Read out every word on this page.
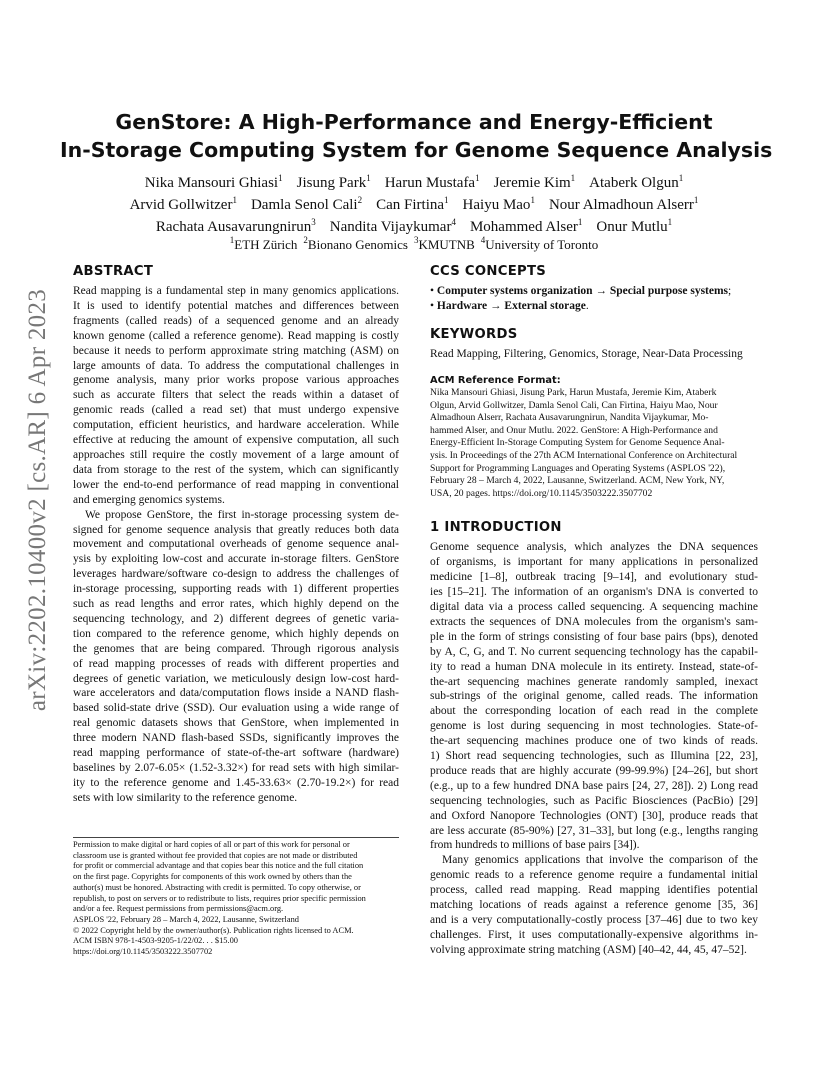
arXiv:2202.10400v2 [cs.AR] 6 Apr 2023
GenStore: A High-Performance and Energy-Efficient
In-Storage Computing System for Genome Sequence Analysis
Nika Mansouri Ghiasi$^1$ Jisung Park$^1$ Harun Mustafa$^1$ Jeremie Kim$^1$ Ataberk Olgun$^1$
Arvid Gollwitzer$^1$ Damla Senol Cali$^2$ Can Firtina$^1$ Haiyu Mao$^1$ Nour Almadhoun Alserr$^1$
Rachata Ausavarungnirun$^3$ Nandita Vijaykumar$^4$ Mohammed Alser$^1$ Onur Mutlu$^1$
$^1$ETH Zürich $^2$Bionano Genomics $^3$KMUTNB $^4$University of Toronto
ABSTRACT

Read mapping is a fundamental step in many genomics applications.
It is used to identify potential matches and differences between
fragments (called reads) of a sequenced genome and an already
known genome (called a reference genome). Read mapping is costly
because it needs to perform approximate string matching (ASM) on
large amounts of data. To address the computational challenges in
genome analysis, many prior works propose various approaches
such as accurate filters that select the reads within a dataset of
genomic reads (called a read set) that must undergo expensive
computation, efficient heuristics, and hardware acceleration. While
effective at reducing the amount of expensive computation, all such
approaches still require the costly movement of a large amount of
data from storage to the rest of the system, which can significantly
lower the end-to-end performance of read mapping in conventional
and emerging genomics systems.

We propose GenStore, the first in-storage processing system de-
signed for genome sequence analysis that greatly reduces both data
movement and computational overheads of genome sequence anal-
ysis by exploiting low-cost and accurate in-storage filters. GenStore
leverages hardware/software co-design to address the challenges of
in-storage processing, supporting reads with 1) different properties
such as read lengths and error rates, which highly depend on the
sequencing technology, and 2) different degrees of genetic varia-
tion compared to the reference genome, which highly depends on
the genomes that are being compared. Through rigorous analysis
of read mapping processes of reads with different properties and
degrees of genetic variation, we meticulously design low-cost hard-
ware accelerators and data/computation flows inside a NAND flash-
based solid-state drive (SSD). Our evaluation using a wide range of
real genomic datasets shows that GenStore, when implemented in
three modern NAND flash-based SSDs, significantly improves the
read mapping performance of state-of-the-art software (hardware)
baselines by 2.07-6.05× (1.52-3.32×) for read sets with high similar-
ity to the reference genome and 1.45-33.63× (2.70-19.2×) for read
sets with low similarity to the reference genome.

Permission to make digital or hard copies of all or part of this work for personal or
classroom use is granted without fee provided that copies are not made or distributed
for profit or commercial advantage and that copies bear this notice and the full citation
on the first page. Copyrights for components of this work owned by others than the
author(s) must be honored. Abstracting with credit is permitted. To copy otherwise, or
republish, to post on servers or to redistribute to lists, requires prior specific permission
and/or a fee. Request permissions from permissions@acm.org.
ASPLOS '22, February 28 – March 4, 2022, Lausanne, Switzerland
© 2022 Copyright held by the owner/author(s). Publication rights licensed to ACM.
ACM ISBN 978-1-4503-9205-1/22/02. . . $15.00
https://doi.org/10.1145/3503222.3507702
CCS CONCEPTS
• Computer systems organization → Special purpose systems;
• Hardware → External storage.
KEYWORDS
Read Mapping, Filtering, Genomics, Storage, Near-Data Processing
ACM Reference Format:
Nika Mansouri Ghiasi, Jisung Park, Harun Mustafa, Jeremie Kim, Ataberk
Olgun, Arvid Gollwitzer, Damla Senol Cali, Can Firtina, Haiyu Mao, Nour
Almadhoun Alserr, Rachata Ausavarungnirun, Nandita Vijaykumar, Mo-
hammed Alser, and Onur Mutlu. 2022. GenStore: A High-Performance and
Energy-Efficient In-Storage Computing System for Genome Sequence Anal-
ysis. In Proceedings of the 27th ACM International Conference on Architectural
Support for Programming Languages and Operating Systems (ASPLOS '22),
February 28 – March 4, 2022, Lausanne, Switzerland. ACM, New York, NY,
USA, 20 pages. https://doi.org/10.1145/3503222.3507702
1 INTRODUCTION

Genome sequence analysis, which analyzes the DNA sequences
of organisms, is important for many applications in personalized
medicine [1–8], outbreak tracing [9–14], and evolutionary stud-
ies [15–21]. The information of an organism's DNA is converted to
digital data via a process called sequencing. A sequencing machine
extracts the sequences of DNA molecules from the organism's sam-
ple in the form of strings consisting of four base pairs (bps), denoted
by A, C, G, and T. No current sequencing technology has the capabil-
ity to read a human DNA molecule in its entirety. Instead, state-of-
the-art sequencing machines generate randomly sampled, inexact
sub-strings of the original genome, called reads. The information
about the corresponding location of each read in the complete
genome is lost during sequencing in most technologies. State-of-
the-art sequencing machines produce one of two kinds of reads.
1) Short read sequencing technologies, such as Illumina [22, 23],
produce reads that are highly accurate (99-99.9%) [24–26], but short
(e.g., up to a few hundred DNA base pairs [24, 27, 28]). 2) Long read
sequencing technologies, such as Pacific Biosciences (PacBio) [29]
and Oxford Nanopore Technologies (ONT) [30], produce reads that
are less accurate (85-90%) [27, 31–33], but long (e.g., lengths ranging
from hundreds to millions of base pairs [34]).

Many genomics applications that involve the comparison of the
genomic reads to a reference genome require a fundamental initial
process, called read mapping. Read mapping identifies potential
matching locations of reads against a reference genome [35, 36]
and is a very computationally-costly process [37–46] due to two key
challenges. First, it uses computationally-expensive algorithms in-
volving approximate string matching (ASM) [40–42, 44, 45, 47–52].
